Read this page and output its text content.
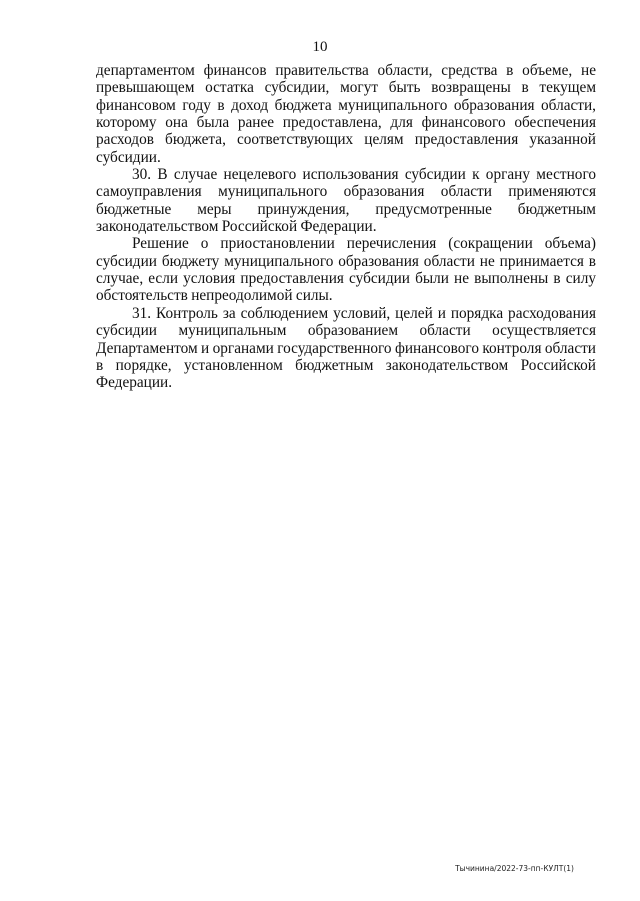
10

департаментом финансов правительства области, средства в объеме, не превышающем остатка субсидии, могут быть возвращены в текущем финансовом году в доход бюджета муниципального образования области, которому она была ранее предоставлена, для финансового обеспечения расходов бюджета, соответствующих целям предоставления указанной субсидии.

30. В случае нецелевого использования субсидии к органу местного самоуправления муниципального образования области применяются бюджетные меры принуждения, предусмотренные бюджетным законодательством Российской Федерации.

Решение о приостановлении перечисления (сокращении объема) субсидии бюджету муниципального образования области не принимается в случае, если условия предоставления субсидии были не выполнены в силу обстоятельств непреодолимой силы.

31. Контроль за соблюдением условий, целей и порядка расходования субсидии муниципальным образованием области осуществляется Департаментом и органами государственного финансового контроля области в порядке, установленном бюджетным законодательством Российской Федерации.

Тычинина/2022-73-пп-КУЛТ(1)
